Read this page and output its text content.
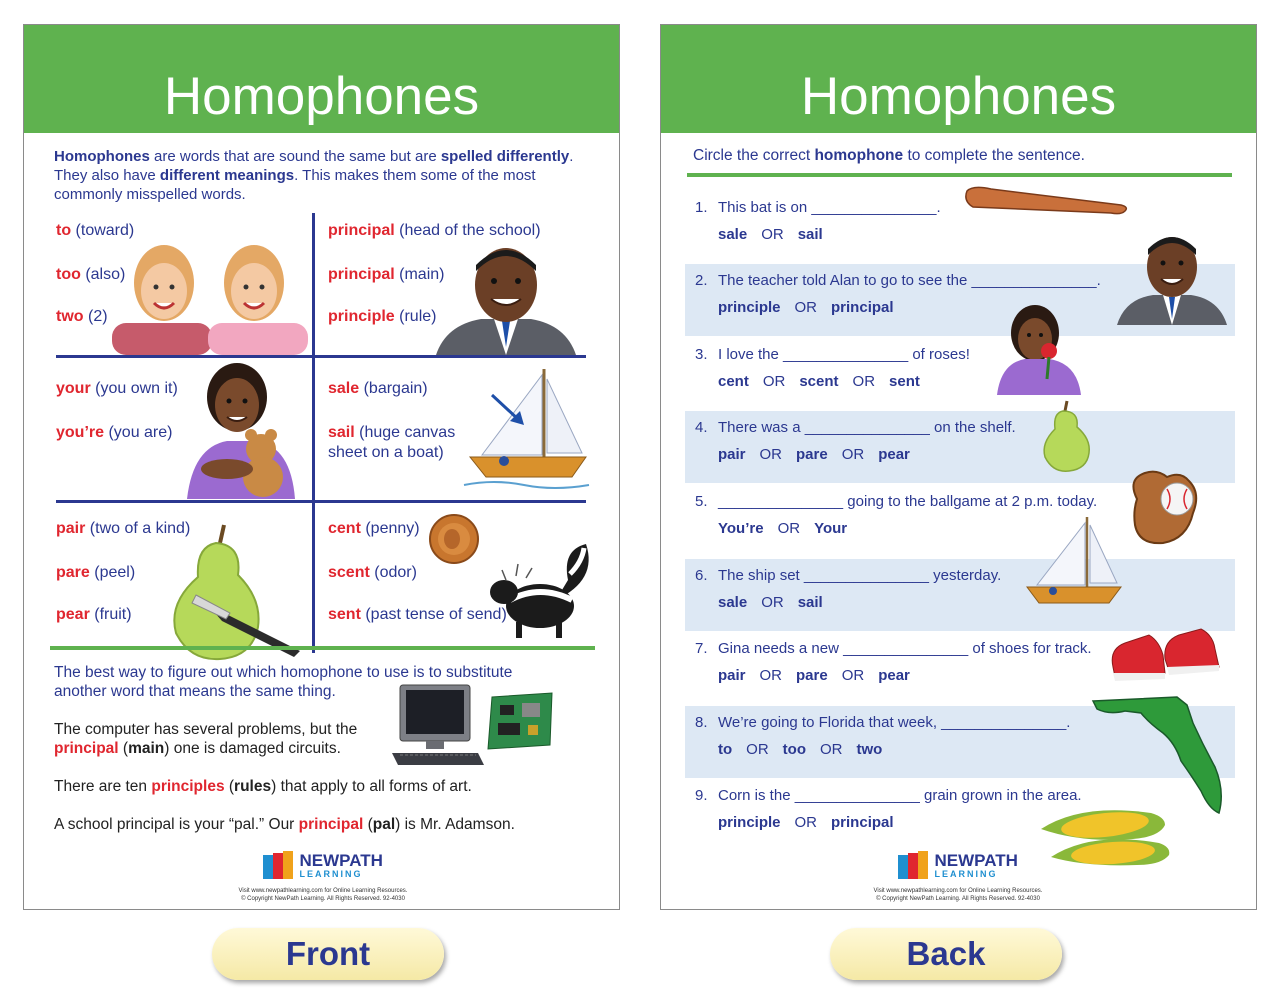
Homophones
Homophones are words that are sound the same but are spelled differently. They also have different meanings. This makes them some of the most commonly misspelled words.
to (toward)
too (also)
two (2)
principal (head of the school)
principal (main)
principle (rule)
your (you own it)
you’re (you are)
sale (bargain)
sail (huge canvas sheet on a boat)
pair (two of a kind)
pare (peel)
pear (fruit)
cent (penny)
scent (odor)
sent (past tense of send)
The best way to figure out which homophone to use is to substitute another word that means the same thing.
The computer has several problems, but the principal (main) one is damaged circuits.
There are ten principles (rules) that apply to all forms of art.
A school principal is your “pal.” Our principal (pal) is Mr. Adamson.
NEWPATH
LEARNING
Visit www.newpathlearning.com for Online Learning Resources.
© Copyright NewPath Learning. All Rights Reserved. 92-4030
Homophones
Circle the correct homophone to complete the sentence.
1. This bat is on _______________.
sale OR sail
2. The teacher told Alan to go to see the _______________.
principle OR principal
3. I love the _______________ of roses!
cent OR scent OR sent
4. There was a _______________ on the shelf.
pair OR pare OR pear
5. _______________ going to the ballgame at 2 p.m. today.
You’re OR Your
6. The ship set _______________ yesterday.
sale OR sail
7. Gina needs a new _______________ of shoes for track.
pair OR pare OR pear
8. We’re going to Florida that week, _______________.
to OR too OR two
9. Corn is the _______________ grain grown in the area.
principle OR principal
NEWPATH
LEARNING
Visit www.newpathlearning.com for Online Learning Resources.
© Copyright NewPath Learning. All Rights Reserved. 92-4030
Front	Back
